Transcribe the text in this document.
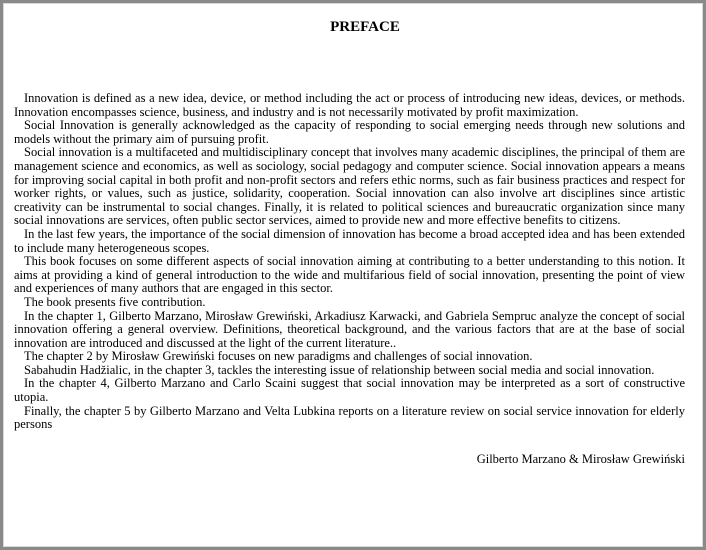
PREFACE

Innovation is defined as a new idea, device, or method including the act or process of introducing new ideas, devices, or methods. Innovation encompasses science, business, and industry and is not necessarily motivated by profit maximization.

Social Innovation is generally acknowledged as the capacity of responding to social emerging needs through new solutions and models without the primary aim of pursuing profit.

Social innovation is a multifaceted and multidisciplinary concept that involves many academic disciplines, the principal of them are management science and economics, as well as sociology, social pedagogy and computer science. Social innovation appears a means for improving social capital in both profit and non-profit sectors and refers ethic norms, such as fair business practices and respect for worker rights, or values, such as justice, solidarity, cooperation. Social innovation can also involve art disciplines since artistic creativity can be instrumental to social changes. Finally, it is related to political sciences and bureaucratic organization since many social innovations are services, often public sector services, aimed to provide new and more effective benefits to citizens.

In the last few years, the importance of the social dimension of innovation has become a broad accepted idea and has been extended to include many heterogeneous scopes.

This book focuses on some different aspects of social innovation aiming at contributing to a better understanding to this notion. It aims at providing a kind of general introduction to the wide and multifarious field of social innovation, presenting the point of view and experiences of many authors that are engaged in this sector.

The book presents five contribution.

In the chapter 1, Gilberto Marzano, Mirosław Grewiński, Arkadiusz Karwacki, and Gabriela Sempruc analyze the concept of social innovation offering a general overview. Definitions, theoretical background, and the various factors that are at the base of social innovation are introduced and discussed at the light of the current literature..

The chapter 2 by Mirosław Grewiński focuses on new paradigms and challenges of social innovation.

Sabahudin Hadžialic, in the chapter 3, tackles the interesting issue of relationship between social media and social innovation.

In the chapter 4, Gilberto Marzano and Carlo Scaini suggest that social innovation may be interpreted as a sort of constructive utopia.

Finally, the chapter 5 by Gilberto Marzano and Velta Lubkina reports on a literature review on social service innovation for elderly persons

Gilberto Marzano & Mirosław Grewiński
